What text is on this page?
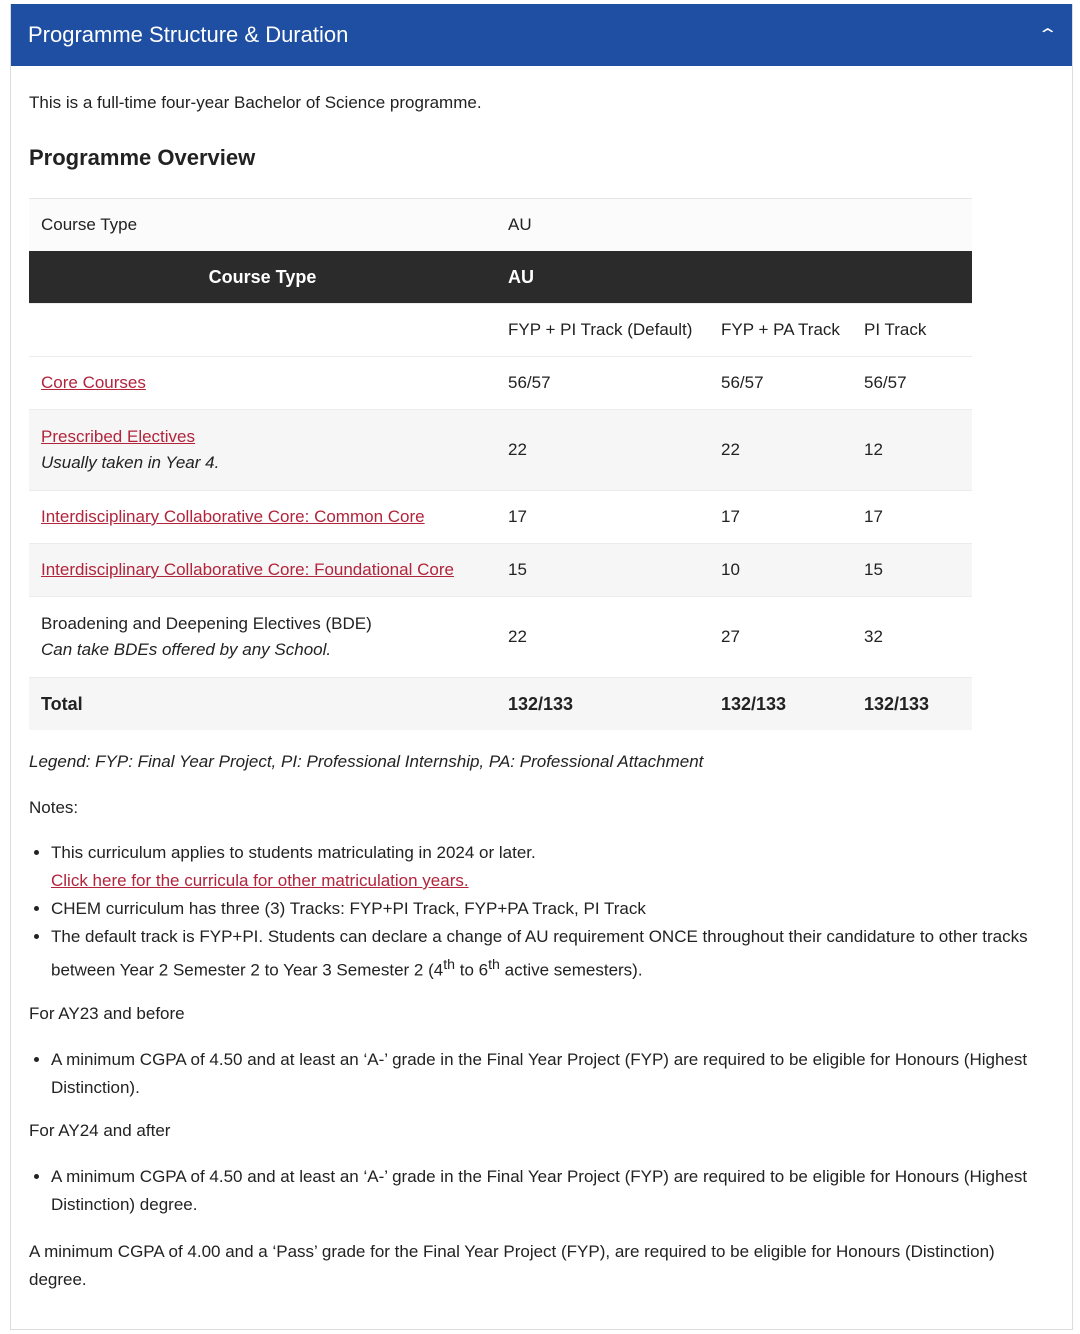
Programme Structure & Duration	⌃

This is a full-time four-year Bachelor of Science programme.

Programme Overview
Course Type	AU		
Course Type	AU		
	FYP + PI Track (Default)	FYP + PA Track	PI Track
Core Courses	56/57	56/57	56/57
Prescribed Electives
Usually taken in Year 4.	22	22	12
Interdisciplinary Collaborative Core: Common Core	17	17	17
Interdisciplinary Collaborative Core: Foundational Core	15	10	15
Broadening and Deepening Electives (BDE)
Can take BDEs offered by any School.	22	27	32
Total	132/133	132/133	132/133

Legend: FYP: Final Year Project, PI: Professional Internship, PA: Professional Attachment

Notes:

• This curriculum applies to students matriculating in 2024 or later.
Click here for the curricula for other matriculation years.
• CHEM curriculum has three (3) Tracks: FYP+PI Track, FYP+PA Track, PI Track
• The default track is FYP+PI. Students can declare a change of AU requirement ONCE throughout their candidature to other tracks between Year 2 Semester 2 to Year 3 Semester 2 (4th to 6th active semesters).

For AY23 and before

• A minimum CGPA of 4.50 and at least an ‘A-’ grade in the Final Year Project (FYP) are required to be eligible for Honours (Highest Distinction).

For AY24 and after

• A minimum CGPA of 4.50 and at least an ‘A-’ grade in the Final Year Project (FYP) are required to be eligible for Honours (Highest Distinction) degree.

A minimum CGPA of 4.00 and a ‘Pass’ grade for the Final Year Project (FYP), are required to be eligible for Honours (Distinction) degree.
